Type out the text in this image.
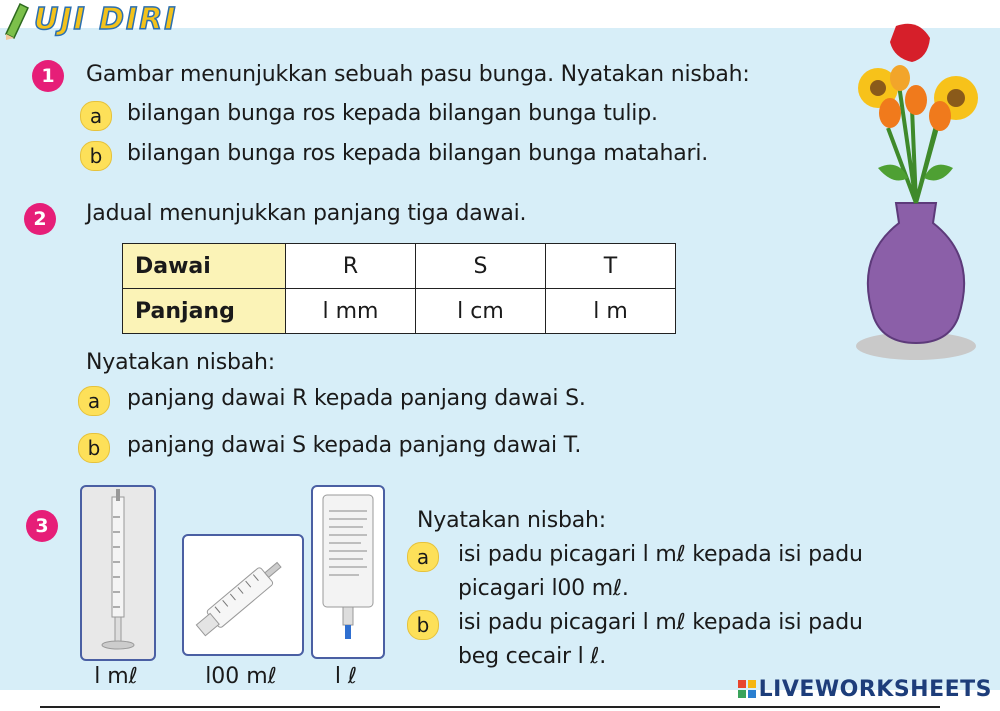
UJI DIRI
1	Gambar menunjukkan sebuah pasu bunga. Nyatakan nisbah:
a	bilangan bunga ros kepada bilangan bunga tulip.
b	bilangan bunga ros kepada bilangan bunga matahari.
2	Jadual menunjukkan panjang tiga dawai.
Dawai	R	S	T
Panjang	l mm	l cm	l m
Nyatakan nisbah:
a	panjang dawai R kepada panjang dawai S.
b	panjang dawai S kepada panjang dawai T.
3
l mℓ	l00 mℓ	l ℓ
Nyatakan nisbah:
a	isi padu picagari l mℓ kepada isi padu
picagari l00 mℓ.
b	isi padu picagari l mℓ kepada isi padu
beg cecair l ℓ.
LIVEWORKSHEETS
